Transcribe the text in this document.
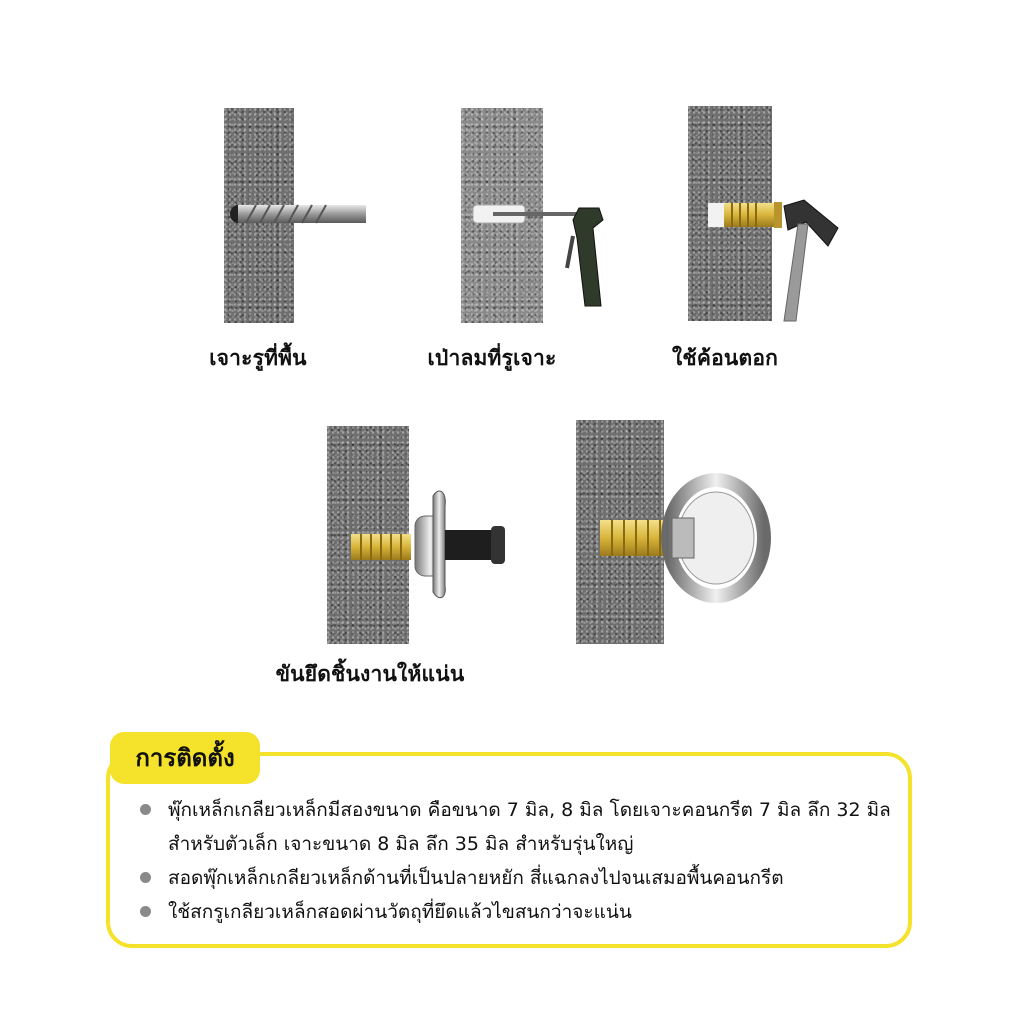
เจาะรูที่พื้น	เป่าลมที่รูเจาะ	ใช้ค้อนตอก
ขันยึดชิ้นงานให้แน่น
การติดตั้ง
พุ๊กเหล็กเกลียวเหล็กมีสองขนาด คือขนาด 7 มิล, 8 มิล โดยเจาะคอนกรีต 7 มิล ลึก 32 มิล สำหรับตัวเล็ก เจาะขนาด 8 มิล ลึก 35 มิล สำหรับรุ่นใหญ่
สอดพุ๊กเหล็กเกลียวเหล็กด้านที่เป็นปลายหยัก สี่แฉกลงไปจนเสมอพื้นคอนกรีต
ใช้สกรูเกลียวเหล็กสอดผ่านวัตถุที่ยึดแล้วไขสนกว่าจะแน่น
